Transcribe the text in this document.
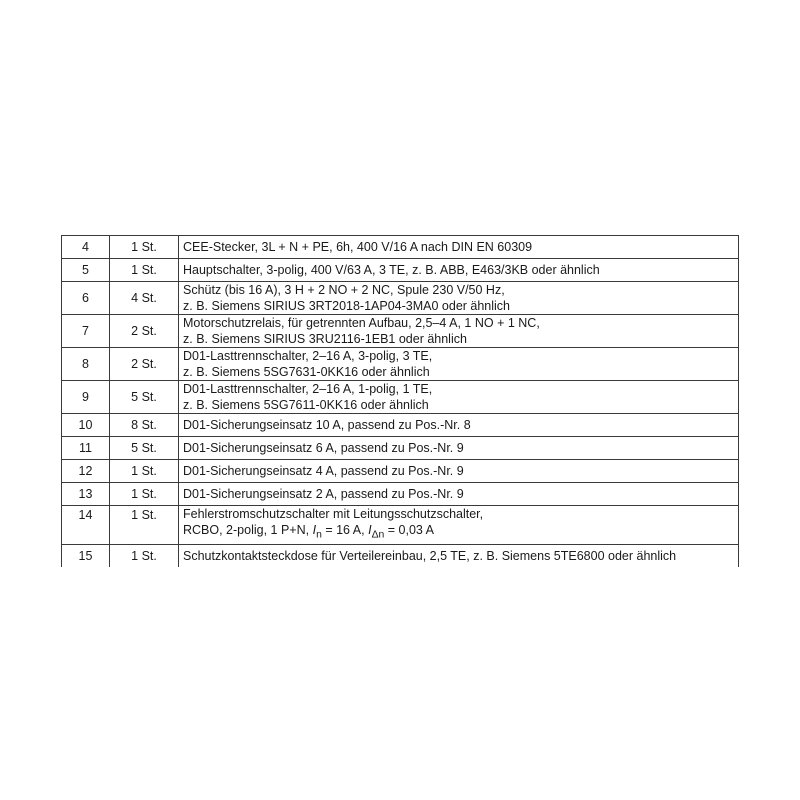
4	1 St.	CEE-Stecker, 3L + N + PE, 6h, 400 V/16 A nach DIN EN 60309
5	1 St.	Hauptschalter, 3-polig, 400 V/63 A, 3 TE, z. B. ABB, E463/3KB oder ähnlich
6	4 St.	Schütz (bis 16 A), 3 H + 2 NO + 2 NC, Spule 230 V/50 Hz,
z. B. Siemens SIRIUS 3RT2018-1AP04-3MA0 oder ähnlich

7	2 St.	Motorschutzrelais, für getrennten Aufbau, 2,5–4 A, 1 NO + 1 NC,
z. B. Siemens SIRIUS 3RU2116-1EB1 oder ähnlich

8	2 St.	D01-Lasttrennschalter, 2–16 A, 3-polig, 3 TE,
z. B. Siemens 5SG7631-0KK16 oder ähnlich

9	5 St.	D01-Lasttrennschalter, 2–16 A, 1-polig, 1 TE,
z. B. Siemens 5SG7611-0KK16 oder ähnlich

10	8 St.	D01-Sicherungseinsatz 10 A, passend zu Pos.-Nr. 8
11	5 St.	D01-Sicherungseinsatz 6 A, passend zu Pos.-Nr. 9
12	1 St.	D01-Sicherungseinsatz 4 A, passend zu Pos.-Nr. 9
13	1 St.	D01-Sicherungseinsatz 2 A, passend zu Pos.-Nr. 9
14	1 St.	Fehlerstromschutzschalter mit Leitungsschutzschalter,
RCBO, 2-polig, 1 P+N, $I_n = 16$ A, $I_{\Delta n} = 0,03$ A

15	1 St.	Schutzkontaktsteckdose für Verteilereinbau, 2,5 TE, z. B. Siemens 5TE6800 oder ähnlich
